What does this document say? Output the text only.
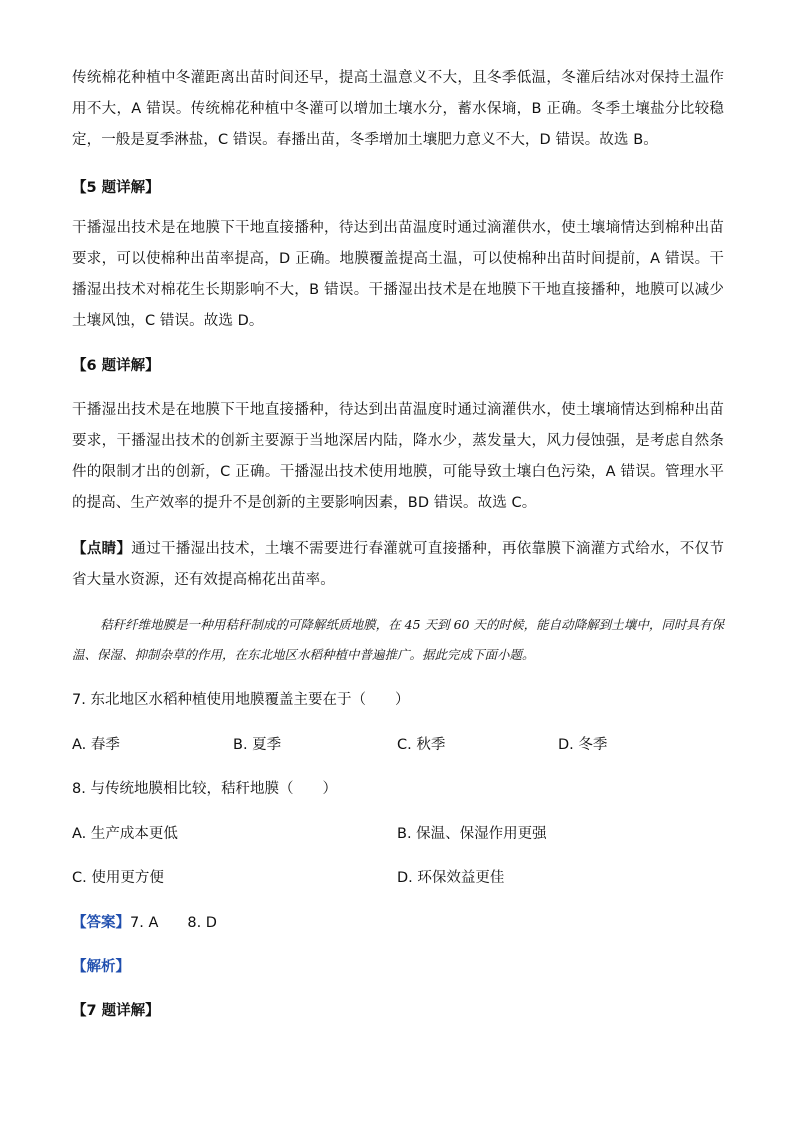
传统棉花种植中冬灌距离出苗时间还早，提高土温意义不大，且冬季低温，冬灌后结冰对保持土温作用不大，A 错误。传统棉花种植中冬灌可以增加土壤水分，蓄水保墒，B 正确。冬季土壤盐分比较稳定，一般是夏季淋盐，C 错误。春播出苗，冬季增加土壤肥力意义不大，D 错误。故选 B。

【5 题详解】

干播湿出技术是在地膜下干地直接播种，待达到出苗温度时通过滴灌供水，使土壤墒情达到棉种出苗要求，可以使棉种出苗率提高，D 正确。地膜覆盖提高土温，可以使棉种出苗时间提前，A 错误。干播湿出技术对棉花生长期影响不大，B 错误。干播湿出技术是在地膜下干地直接播种，地膜可以减少土壤风蚀，C 错误。故选 D。

【6 题详解】

干播湿出技术是在地膜下干地直接播种，待达到出苗温度时通过滴灌供水，使土壤墒情达到棉种出苗要求，干播湿出技术的创新主要源于当地深居内陆，降水少，蒸发量大，风力侵蚀强，是考虑自然条件的限制才出的创新，C 正确。干播湿出技术使用地膜，可能导致土壤白色污染，A 错误。管理水平的提高、生产效率的提升不是创新的主要影响因素，BD 错误。故选 C。

【点睛】通过干播湿出技术，土壤不需要进行春灌就可直接播种，再依靠膜下滴灌方式给水，不仅节省大量水资源，还有效提高棉花出苗率。

秸秆纤维地膜是一种用秸秆制成的可降解纸质地膜，在 45 天到 60 天的时候，能自动降解到土壤中，同时具有保温、保湿、抑制杂草的作用，在东北地区水稻种植中普遍推广。据此完成下面小题。

7. 东北地区水稻种植使用地膜覆盖主要在于（　　）

A. 春季	B. 夏季	C. 秋季	D. 冬季

8. 与传统地膜相比较，秸秆地膜（　　）

A. 生产成本更低	B. 保温、保湿作用更强
C. 使用更方便	D. 环保效益更佳

【答案】7. A　　8. D

【解析】

【7 题详解】
